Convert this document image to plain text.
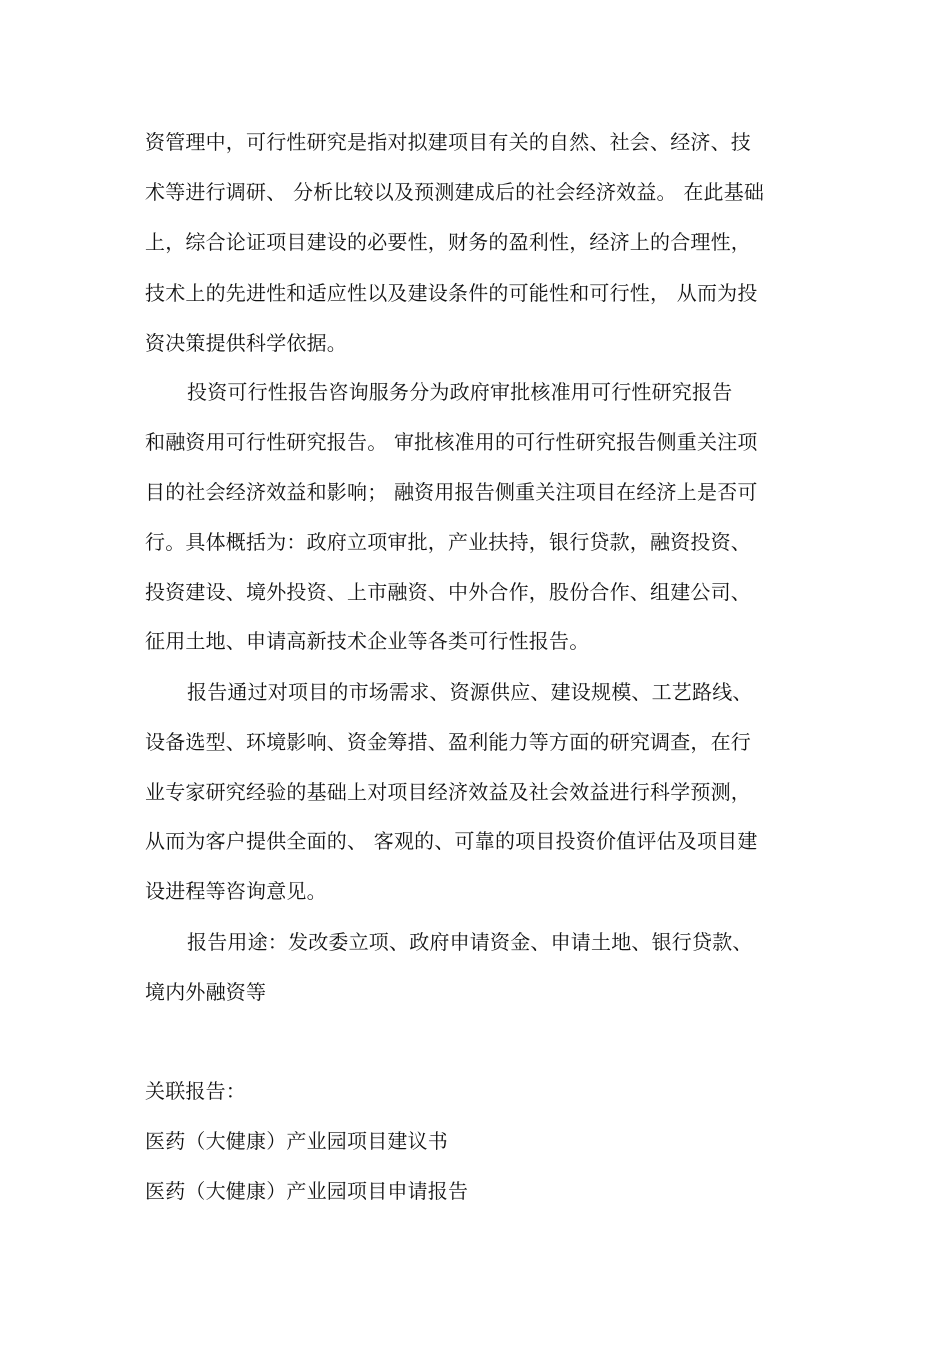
资管理中，可行性研究是指对拟建项目有关的自然、社会、经济、技
术等进行调研、 分析比较以及预测建成后的社会经济效益。 在此基础
上，综合论证项目建设的必要性，财务的盈利性，经济上的合理性，
技术上的先进性和适应性以及建设条件的可能性和可行性， 从而为投
资决策提供科学依据。
投资可行性报告咨询服务分为政府审批核准用可行性研究报告
和融资用可行性研究报告。 审批核准用的可行性研究报告侧重关注项
目的社会经济效益和影响； 融资用报告侧重关注项目在经济上是否可
行。具体概括为：政府立项审批，产业扶持，银行贷款，融资投资、
投资建设、境外投资、上市融资、中外合作，股份合作、组建公司、
征用土地、申请高新技术企业等各类可行性报告。
报告通过对项目的市场需求、资源供应、建设规模、工艺路线、
设备选型、环境影响、资金筹措、盈利能力等方面的研究调查，在行
业专家研究经验的基础上对项目经济效益及社会效益进行科学预测，
从而为客户提供全面的、 客观的、可靠的项目投资价值评估及项目建
设进程等咨询意见。
报告用途：发改委立项、政府申请资金、申请土地、银行贷款、
境内外融资等
关联报告：
医药（大健康）产业园项目建议书
医药（大健康）产业园项目申请报告
